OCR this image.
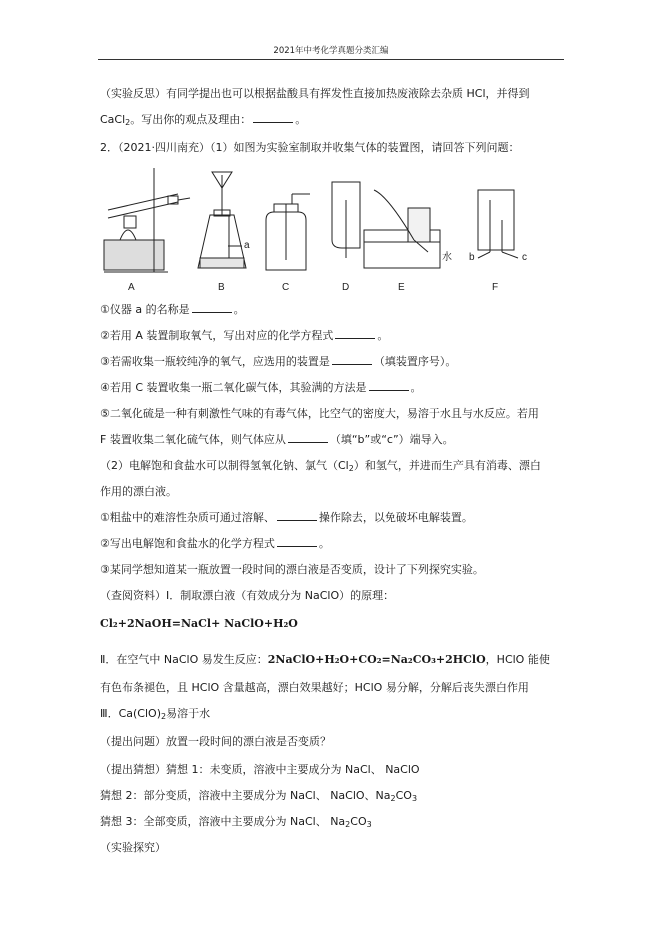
2021年中考化学真题分类汇编
（实验反思）有同学提出也可以根据盐酸具有挥发性直接加热废液除去杂质 HCl，并得到
CaCl$_2$。写出你的观点及理由：	。
2．（2021·四川南充）（1）如图为实验室制取并收集气体的装置图，请回答下列问题：
A	B	C	D	E	F
a
b	c
水
①仪器 a 的名称是	。
②若用 A 装置制取氧气，写出对应的化学方程式	。
③若需收集一瓶较纯净的氧气，应选用的装置是	（填装置序号）。
④若用 C 装置收集一瓶二氧化碳气体，其验满的方法是	。
⑤二氧化硫是一种有刺激性气味的有毒气体，比空气的密度大，易溶于水且与水反应。若用
F 装置收集二氧化硫气体，则气体应从	（填“b”或“c”）端导入。
（2）电解饱和食盐水可以制得氢氧化钠、氯气$(Cl_2)$和氢气，并进而生产具有消毒、漂白
作用的漂白液。
①粗盐中的难溶性杂质可通过溶解、	操作除去，以免破坏电解装置。
②写出电解饱和食盐水的化学方程式	。
③某同学想知道某一瓶放置一段时间的漂白液是否变质，设计了下列探究实验。
（查阅资料）Ⅰ．制取漂白液（有效成分为 NaClO）的原理：
Cl₂+2NaOH=NaCl+ NaClO+H₂O
Ⅱ．在空气中 NaClO 易发生反应：2NaClO+H₂O+CO₂=Na₂CO₃+2HClO，HClO 能使
有色布条褪色，且 HClO 含量越高，漂白效果越好；HClO 易分解，分解后丧失漂白作用
Ⅲ．$Ca(ClO)_2$易溶于水
（提出问题）放置一段时间的漂白液是否变质？
（提出猜想）猜想 1：未变质，溶液中主要成分为 NaCl、 NaClO
猜想 2：部分变质，溶液中主要成分为 NaCl、 NaClO、$Na_2CO_3$
猜想 3：全部变质，溶液中主要成分为 NaCl、 $Na_2CO_3$
（实验探究）
